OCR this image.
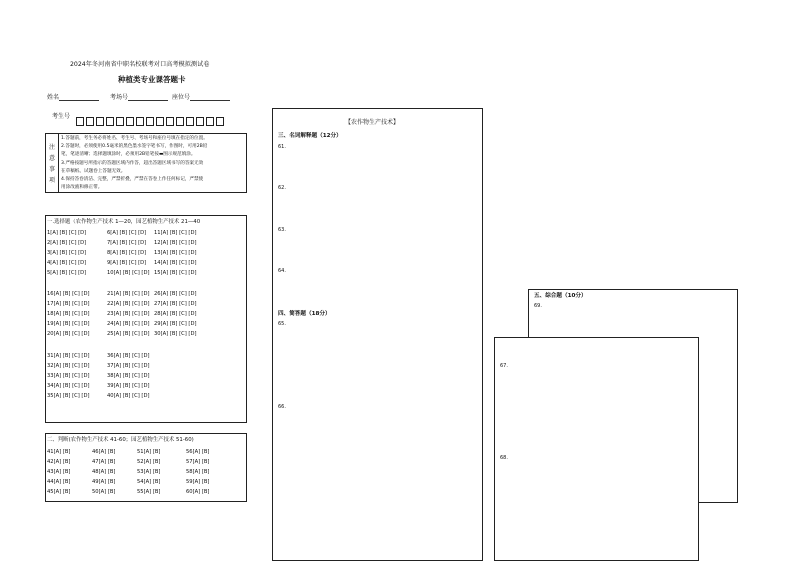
2024年冬河南省中职名校联考对口高考模拟测试卷
种植类专业课答题卡
姓名	考场号	座位号
考生号
注
意
事
项
1.答题前，考生务必将姓名、考生号、考场号和座位号填在指定的位置。
2.答题时，必须使用0.5毫米的黑色墨水签字笔书写，作图时，可用2B铅
笔，笔迹清晰；选择题填涂时，必须用2B铅笔按▬图示规范填涂。
3.严格按题号所指示的答题区域内作答，超出答题区域书写的答案无效
在草稿纸、试题卷上答题无效。
4.保持答卷清洁、完整，严禁折叠，严禁在答卷上作任何标记，严禁使
用涂改液和修正带。
一.选择题（农作物生产技术 1—20，园艺植物生产技术 21—40
1[A] [B] [C] [D]	6[A] [B] [C] [D] 11[A] [B] [C] [D]
2[A] [B] [C] [D]	7[A] [B] [C] [D] 12[A] [B] [C] [D]
3[A] [B] [C] [D]	8[A] [B] [C] [D] 13[A] [B] [C] [D]
4[A] [B] [C] [D]	9[A] [B] [C] [D] 14[A] [B] [C] [D]
5[A] [B] [C] [D]	10[A] [B] [C] [D] 15[A] [B] [C] [D]
16[A] [B] [C] [D]	21[A] [B] [C] [D] 26[A] [B] [C] [D]
17[A] [B] [C] [D]	22[A] [B] [C] [D] 27[A] [B] [C] [D]
18[A] [B] [C] [D]	23[A] [B] [C] [D] 28[A] [B] [C] [D]
19[A] [B] [C] [D]	24[A] [B] [C] [D] 29[A] [B] [C] [D]
20[A] [B] [C] [D]	25[A] [B] [C] [D] 30[A] [B] [C] [D]
31[A] [B] [C] [D]	36[A] [B] [C] [D]
32[A] [B] [C] [D]	37[A] [B] [C] [D]
33[A] [B] [C] [D]	38[A] [B] [C] [D]
34[A] [B] [C] [D]	39[A] [B] [C] [D]
35[A] [B] [C] [D]	40[A] [B] [C] [D]
二、判断(农作物生产技术 41-60；园艺植物生产技术 51-60)
41[A] [B]	46[A] [B]	51[A] [B]	56[A] [B]
42[A] [B]	47[A] [B]	52[A] [B]	57[A] [B]
43[A] [B]	48[A] [B]	53[A] [B]	58[A] [B]
44[A] [B]	49[A] [B]	54[A] [B]	59[A] [B]
45[A] [B]	50[A] [B]	55[A] [B]	60[A] [B]
【农作物生产技术】
三、名词解释题（12分）
61.
62.
63.
64.
四、简答题（18分）
65.
66.
五、综合题（10分）
69.
67.
68.
